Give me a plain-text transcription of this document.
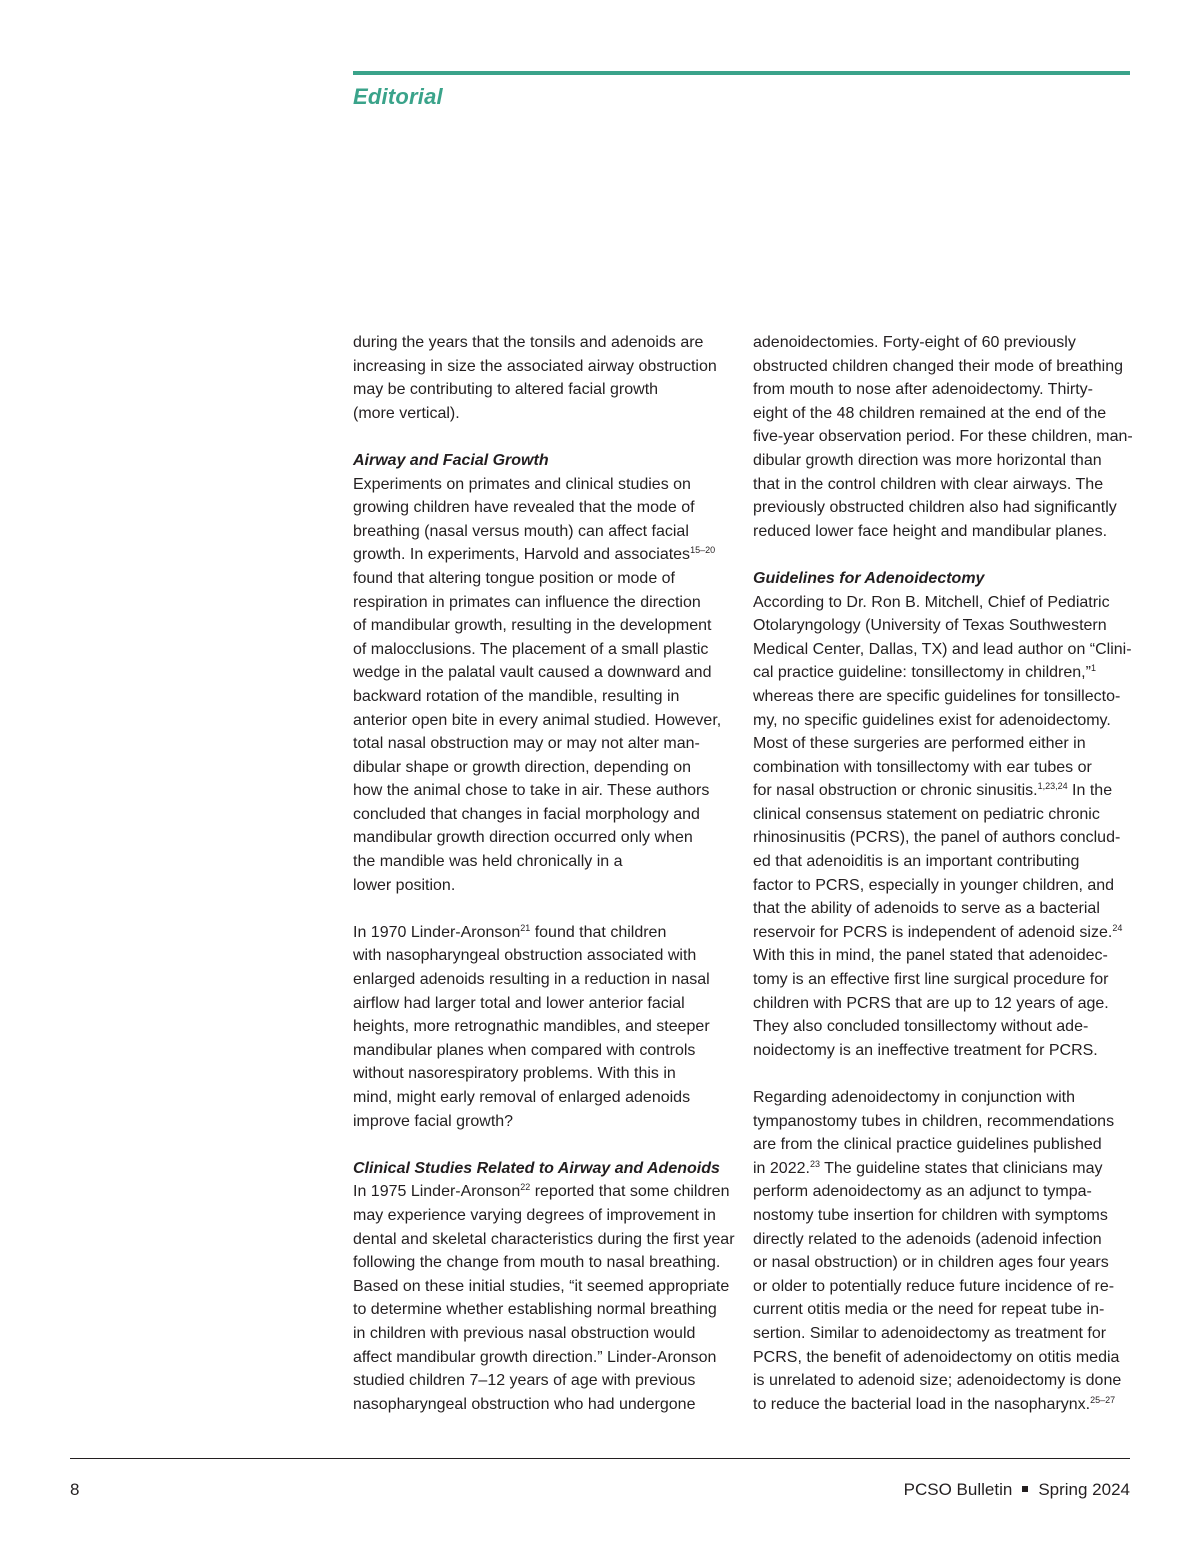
Editorial

during the years that the tonsils and adenoids are
increasing in size the associated airway obstruction
may be contributing to altered facial growth
(more vertical).

Airway and Facial Growth

Experiments on primates and clinical studies on
growing children have revealed that the mode of
breathing (nasal versus mouth) can affect facial
growth. In experiments, Harvold and associates$^{15-20}$
found that altering tongue position or mode of
respiration in primates can influence the direction
of mandibular growth, resulting in the development
of malocclusions. The placement of a small plastic
wedge in the palatal vault caused a downward and
backward rotation of the mandible, resulting in
anterior open bite in every animal studied. However,
total nasal obstruction may or may not alter man-
dibular shape or growth direction, depending on
how the animal chose to take in air. These authors
concluded that changes in facial morphology and
mandibular growth direction occurred only when
the mandible was held chronically in a
lower position.

In 1970 Linder-Aronson$^{21}$ found that children
with nasopharyngeal obstruction associated with
enlarged adenoids resulting in a reduction in nasal
airflow had larger total and lower anterior facial
heights, more retrognathic mandibles, and steeper
mandibular planes when compared with controls
without nasorespiratory problems. With this in
mind, might early removal of enlarged adenoids
improve facial growth?

Clinical Studies Related to Airway and Adenoids

In 1975 Linder-Aronson$^{22}$ reported that some children
may experience varying degrees of improvement in
dental and skeletal characteristics during the first year
following the change from mouth to nasal breathing.
Based on these initial studies, “it seemed appropriate
to determine whether establishing normal breathing
in children with previous nasal obstruction would
affect mandibular growth direction.” Linder-Aronson
studied children 7–12 years of age with previous
nasopharyngeal obstruction who had undergone

adenoidectomies. Forty-eight of 60 previously
obstructed children changed their mode of breathing
from mouth to nose after adenoidectomy. Thirty-
eight of the 48 children remained at the end of the
five-year observation period. For these children, man-
dibular growth direction was more horizontal than
that in the control children with clear airways. The
previously obstructed children also had significantly
reduced lower face height and mandibular planes.

Guidelines for Adenoidectomy

According to Dr. Ron B. Mitchell, Chief of Pediatric
Otolaryngology (University of Texas Southwestern
Medical Center, Dallas, TX) and lead author on “Clini-
cal practice guideline: tonsillectomy in children,”$^1$
whereas there are specific guidelines for tonsillecto-
my, no specific guidelines exist for adenoidectomy.
Most of these surgeries are performed either in
combination with tonsillectomy with ear tubes or
for nasal obstruction or chronic sinusitis.$^{1,23,24}$ In the
clinical consensus statement on pediatric chronic
rhinosinusitis (PCRS), the panel of authors conclud-
ed that adenoiditis is an important contributing
factor to PCRS, especially in younger children, and
that the ability of adenoids to serve as a bacterial
reservoir for PCRS is independent of adenoid size.$^{24}$
With this in mind, the panel stated that adenoidec-
tomy is an effective first line surgical procedure for
children with PCRS that are up to 12 years of age.
They also concluded tonsillectomy without ade-
noidectomy is an ineffective treatment for PCRS.

Regarding adenoidectomy in conjunction with
tympanostomy tubes in children, recommendations
are from the clinical practice guidelines published
in 2022.23 The guideline states that clinicians may
perform adenoidectomy as an adjunct to tympa-
nostomy tube insertion for children with symptoms
directly related to the adenoids (adenoid infection
or nasal obstruction) or in children ages four years
or older to potentially reduce future incidence of re-
current otitis media or the need for repeat tube in-
sertion. Similar to adenoidectomy as treatment for
PCRS, the benefit of adenoidectomy on otitis media
is unrelated to adenoid size; adenoidectomy is done
to reduce the bacterial load in the nasopharynx.$^{25-27}$

8	PCSO Bulletin Spring 2024
